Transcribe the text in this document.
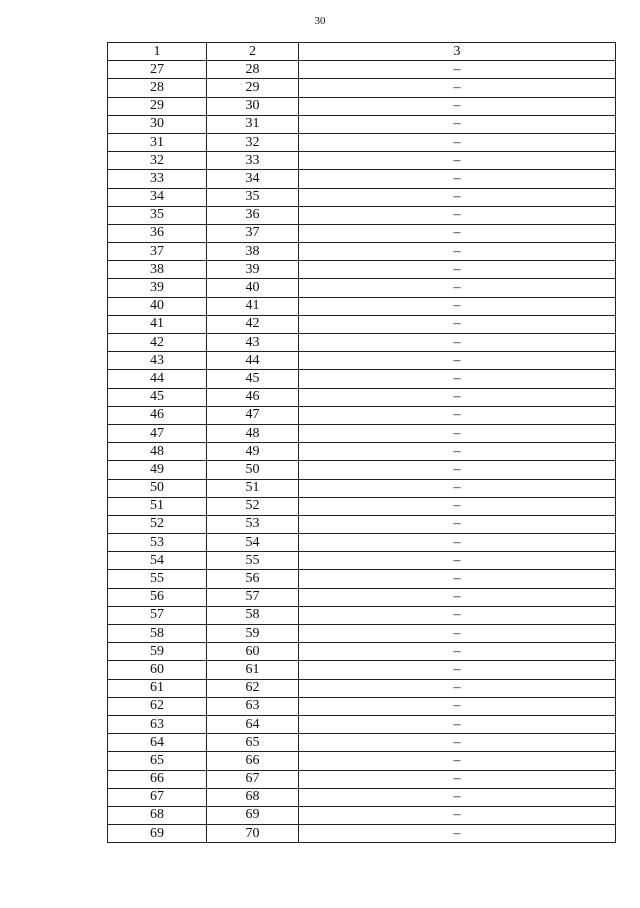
30
1	2	3
27	28	–
28	29	–
29	30	–
30	31	–
31	32	–
32	33	–
33	34	–
34	35	–
35	36	–
36	37	–
37	38	–
38	39	–
39	40	–
40	41	–
41	42	–
42	43	–
43	44	–
44	45	–
45	46	–
46	47	–
47	48	–
48	49	–
49	50	–
50	51	–
51	52	–
52	53	–
53	54	–
54	55	–
55	56	–
56	57	–
57	58	–
58	59	–
59	60	–
60	61	–
61	62	–
62	63	–
63	64	–
64	65	–
65	66	–
66	67	–
67	68	–
68	69	–
69	70	–
